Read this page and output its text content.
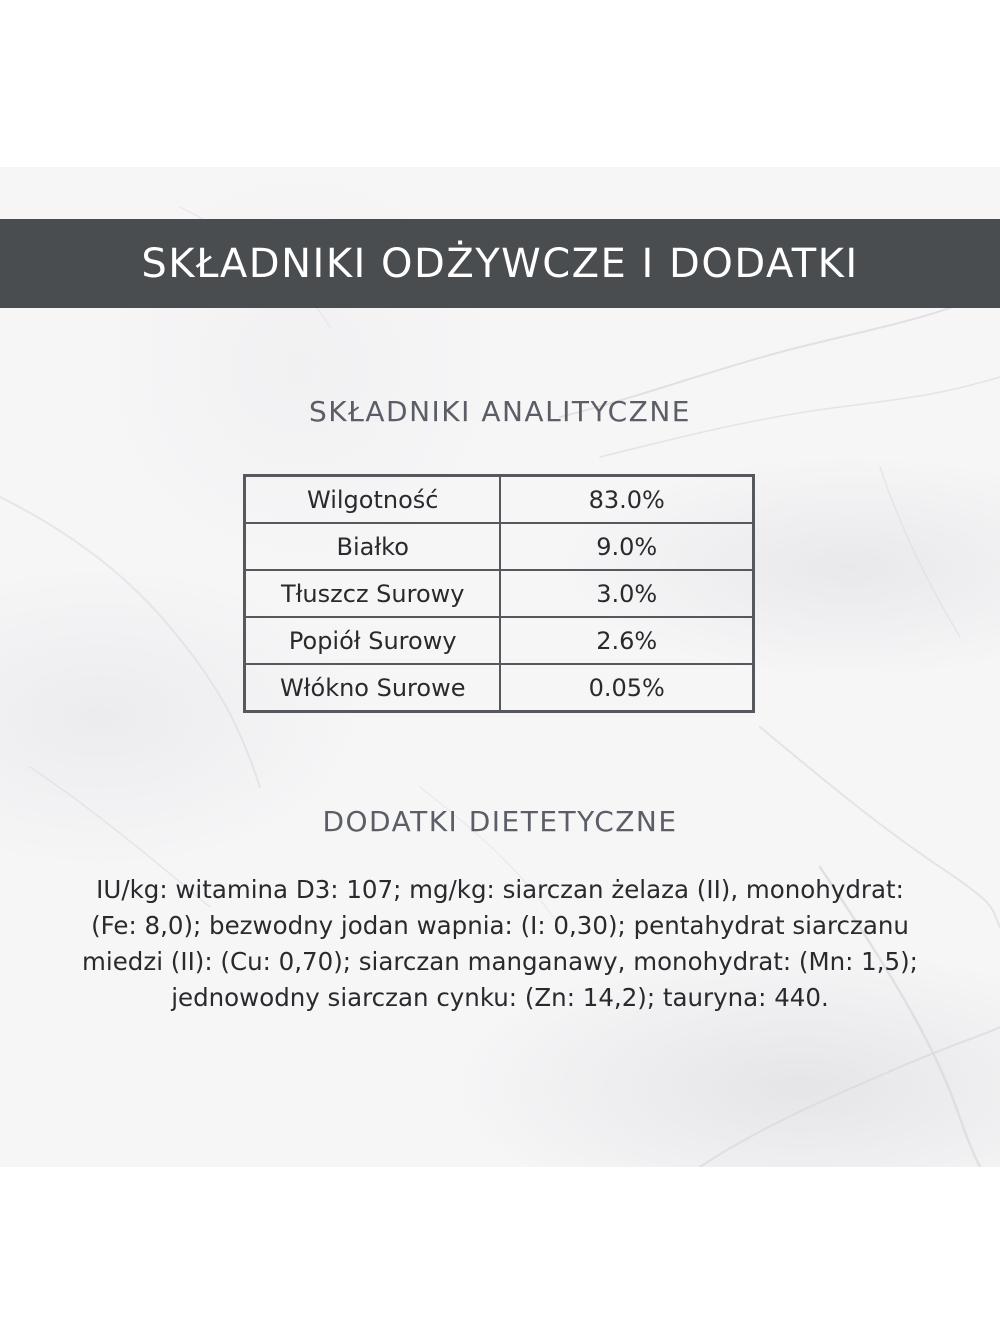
SKŁADNIKI ODŻYWCZE I DODATKI
SKŁADNIKI ANALITYCZNE
Wilgotność	83.0%
Białko	9.0%
Tłuszcz Surowy	3.0%
Popiół Surowy	2.6%
Włókno Surowe	0.05%
DODATKI DIETETYCZNE
IU/kg: witamina D3: 107; mg/kg: siarczan żelaza (II), monohydrat: (Fe: 8,0); bezwodny jodan wapnia: (I: 0,30); pentahydrat siarczanu miedzi (II): (Cu: 0,70); siarczan manganawy, monohydrat: (Mn: 1,5); jednowodny siarczan cynku: (Zn: 14,2); tauryna: 440.
